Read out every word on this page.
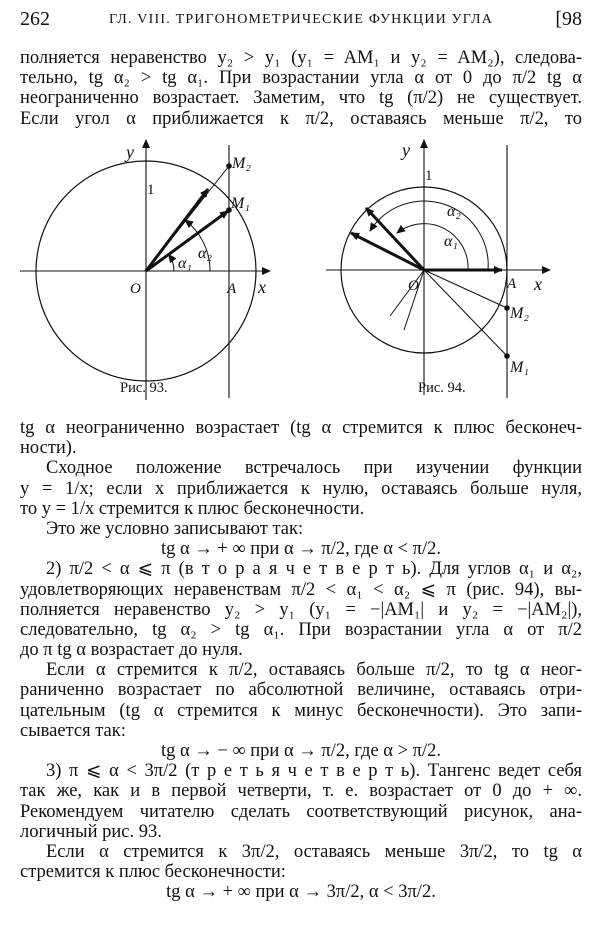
262	ГЛ. VIII. ТРИГОНОМЕТРИЧЕСКИЕ ФУНКЦИИ УГЛА	[98
полняется неравенство y₂ > y₁ (y₁ = AM₁ и y₂ = AM₂), следова-
тельно, tg α₂ > tg α₁. При возрастании угла α от 0 до π/2 tg α
неограниченно возрастает. Заметим, что tg (π/2) не существует.
Если угол α приближается к π/2, оставаясь меньше π/2, то
y
x
1
O	A
M₂
M₁
α₁
α₂
y
x
1
O	A
M₂
M₁
α₁
α₂
Рис. 93.	Рис. 94.
tg α неограниченно возрастает (tg α стремится к плюс бесконеч-
ности).
Сходное положение встречалось при изучении функции
y = 1/x; если x приближается к нулю, оставаясь больше нуля,
то y = 1/x стремится к плюс бесконечности.
Это же условно записывают так:
tg α → + ∞ при α → π/2, где α < π/2.
2) π/2 < α ⩽ π (в т о р а я ч е т в е р т ь). Для углов α₁ и α₂,
удовлетворяющих неравенствам π/2 < α₁ < α₂ ⩽ π (рис. 94), вы-
полняется неравенство y₂ > y₁ (y₁ = −|AM₁| и y₂ = −|AM₂|),
следовательно, tg α₂ > tg α₁. При возрастании угла α от π/2
до π tg α возрастает до нуля.
Если α стремится к π/2, оставаясь больше π/2, то tg α неог-
раниченно возрастает по абсолютной величине, оставаясь отри-
цательным (tg α стремится к минус бесконечности). Это запи-
сывается так:
tg α → − ∞ при α → π/2, где α > π/2.
3) π ⩽ α < 3π/2 (т р е т ь я ч е т в е р т ь). Тангенс ведет себя
так же, как и в первой четверти, т. е. возрастает от 0 до + ∞.
Рекомендуем читателю сделать соответствующий рисунок, ана-
логичный рис. 93.
Если α стремится к 3π/2, оставаясь меньше 3π/2, то tg α
стремится к плюс бесконечности:
tg α → + ∞ при α → 3π/2, α < 3π/2.
